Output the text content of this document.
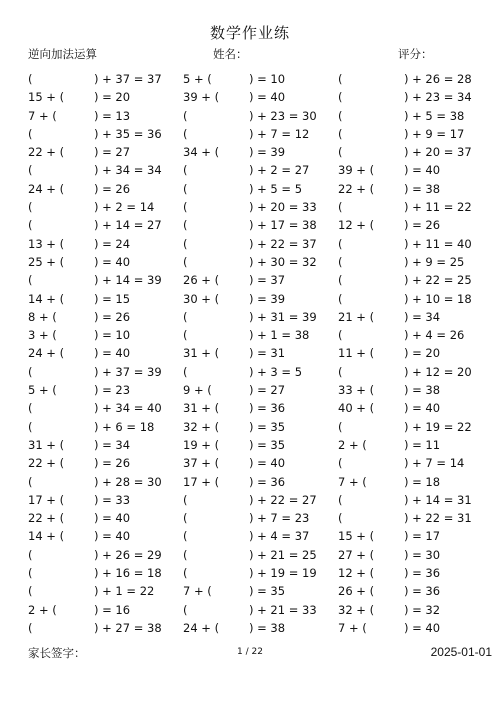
数学作业练
逆向加法运算	姓名：	评分：
(	) + 37 = 37 5 + (	) = 10	(	) + 26 = 28
15 + (	) = 20	39 + (	) = 40	(	) + 23 = 34
7 + (	) = 13	(	) + 23 = 30 (	) + 5 = 38
(	) + 35 = 36 (	) + 7 = 12 (	) + 9 = 17
22 + (	) = 27	34 + (	) = 39	(	) + 20 = 37
(	) + 34 = 34 (	) + 2 = 27 39 + (	) = 40
24 + (	) = 26	(	) + 5 = 5	22 + (	) = 38
(	) + 2 = 14 (	) + 20 = 33 (	) + 11 = 22
(	) + 14 = 27 (	) + 17 = 38 12 + (	) = 26
13 + (	) = 24	(	) + 22 = 37 (	) + 11 = 40
25 + (	) = 40	(	) + 30 = 32 (	) + 9 = 25
(	) + 14 = 39 26 + (	) = 37	(	) + 22 = 25
14 + (	) = 15	30 + (	) = 39	(	) + 10 = 18
8 + (	) = 26	(	) + 31 = 39 21 + (	) = 34
3 + (	) = 10	(	) + 1 = 38 (	) + 4 = 26
24 + (	) = 40	31 + (	) = 31	11 + (	) = 20
(	) + 37 = 39 (	) + 3 = 5	(	) + 12 = 20
5 + (	) = 23	9 + (	) = 27	33 + (	) = 38
(	) + 34 = 40 31 + (	) = 36	40 + (	) = 40
(	) + 6 = 18 32 + (	) = 35	(	) + 19 = 22
31 + (	) = 34	19 + (	) = 35	2 + (	) = 11
22 + (	) = 26	37 + (	) = 40	(	) + 7 = 14
(	) + 28 = 30 17 + (	) = 36	7 + (	) = 18
17 + (	) = 33	(	) + 22 = 27 (	) + 14 = 31
22 + (	) = 40	(	) + 7 = 23 (	) + 22 = 31
14 + (	) = 40	(	) + 4 = 37 15 + (	) = 17
(	) + 26 = 29 (	) + 21 = 25 27 + (	) = 30
(	) + 16 = 18 (	) + 19 = 19 12 + (	) = 36
(	) + 1 = 22 7 + (	) = 35	26 + (	) = 36
2 + (	) = 16	(	) + 21 = 33 32 + (	) = 32
(	) + 27 = 38 24 + (	) = 38	7 + (	) = 40
家长签字：	1 / 22	2025-01-01
